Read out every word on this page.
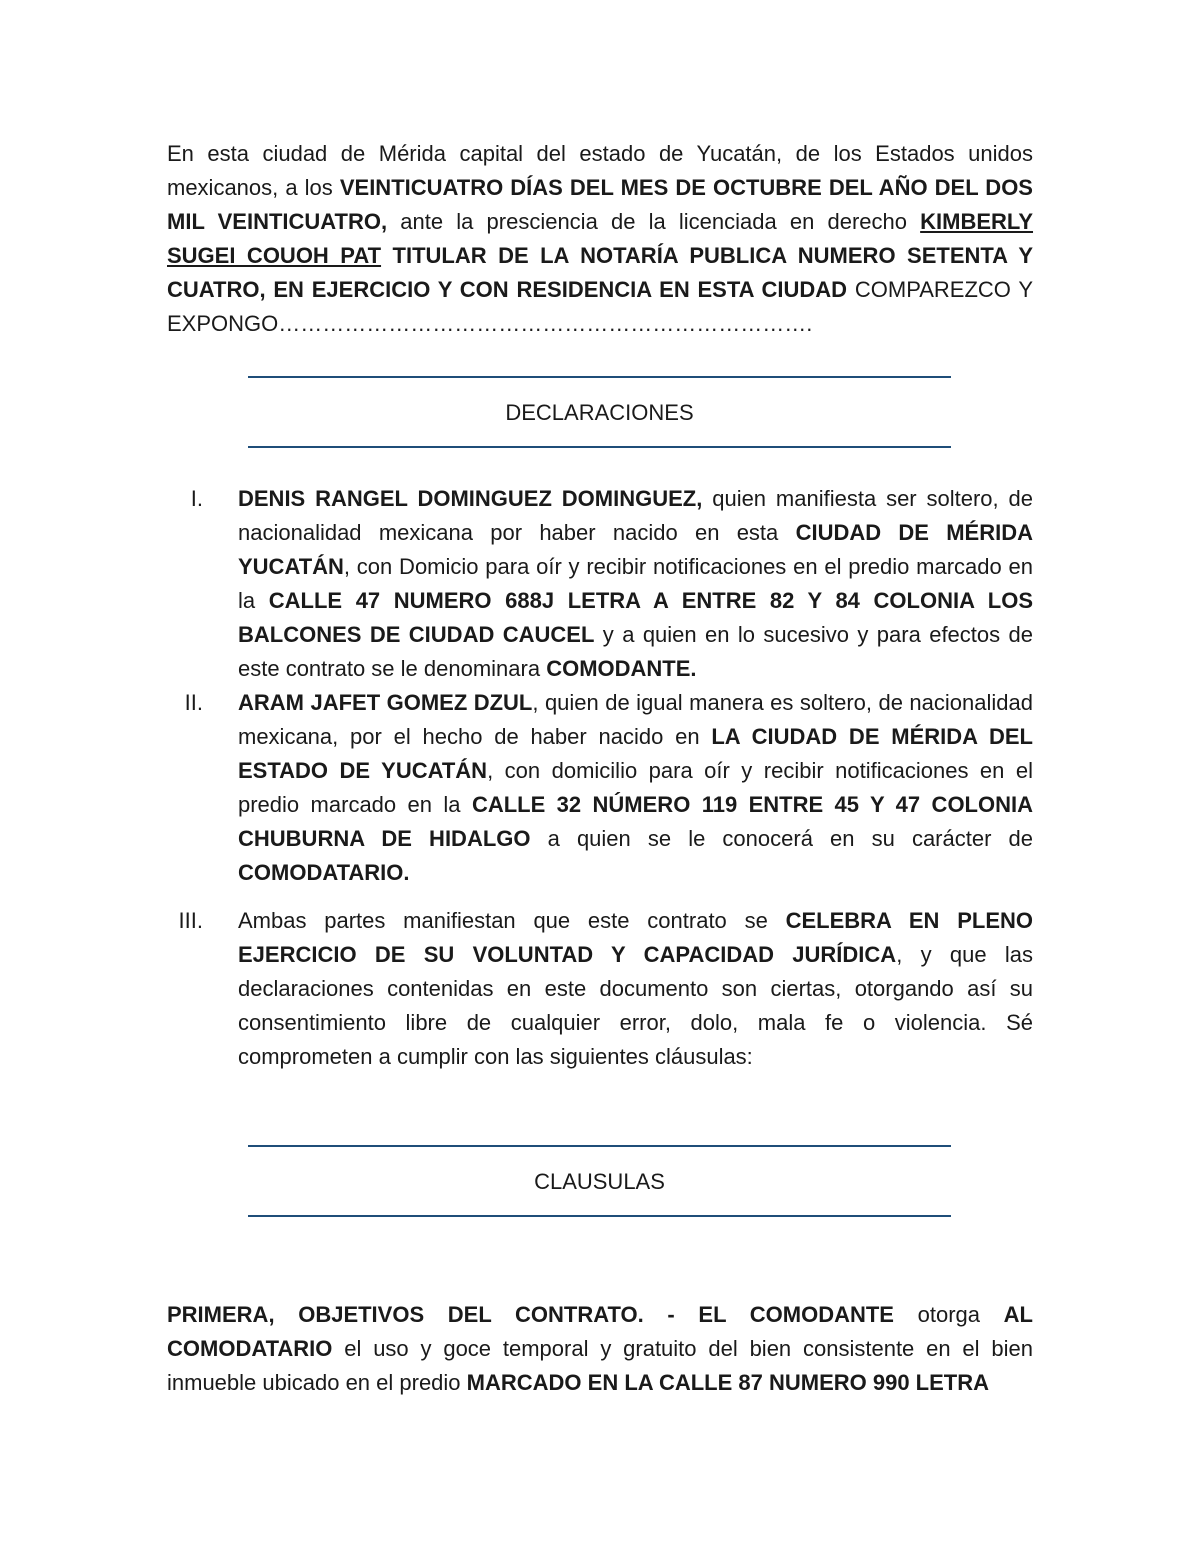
En esta ciudad de Mérida capital del estado de Yucatán, de los Estados unidos mexicanos, a los VEINTICUATRO DÍAS DEL MES DE OCTUBRE DEL AÑO DEL DOS MIL VEINTICUATRO, ante la presciencia de la licenciada en derecho KIMBERLY SUGEI COUOH PAT TITULAR DE LA NOTARÍA PUBLICA NUMERO SETENTA Y CUATRO, EN EJERCICIO Y CON RESIDENCIA EN ESTA CIUDAD COMPAREZCO Y EXPONGO……………………………………………………………….

DECLARACIONES
I. DENIS RANGEL DOMINGUEZ DOMINGUEZ, quien manifiesta ser soltero, de nacionalidad mexicana por haber nacido en esta CIUDAD DE MÉRIDA YUCATÁN, con Domicio para oír y recibir notificaciones en el predio marcado en la CALLE 47 NUMERO 688J LETRA A ENTRE 82 Y 84 COLONIA LOS BALCONES DE CIUDAD CAUCEL y a quien en lo sucesivo y para efectos de este contrato se le denominara COMODANTE.

II. ARAM JAFET GOMEZ DZUL, quien de igual manera es soltero, de nacionalidad mexicana, por el hecho de haber nacido en LA CIUDAD DE MÉRIDA DEL ESTADO DE YUCATÁN, con domicilio para oír y recibir notificaciones en el predio marcado en la CALLE 32 NÚMERO 119 ENTRE 45 Y 47 COLONIA CHUBURNA DE HIDALGO a quien se le conocerá en su carácter de COMODATARIO.

III. Ambas partes manifiestan que este contrato se CELEBRA EN PLENO EJERCICIO DE SU VOLUNTAD Y CAPACIDAD JURÍDICA, y que las declaraciones contenidas en este documento son ciertas, otorgando así su consentimiento libre de cualquier error, dolo, mala fe o violencia. Sé comprometen a cumplir con las siguientes cláusulas:

CLAUSULAS

PRIMERA, OBJETIVOS DEL CONTRATO. - EL COMODANTE otorga AL COMODATARIO el uso y goce temporal y gratuito del bien consistente en el bien inmueble ubicado en el predio MARCADO EN LA CALLE 87 NUMERO 990 LETRA
